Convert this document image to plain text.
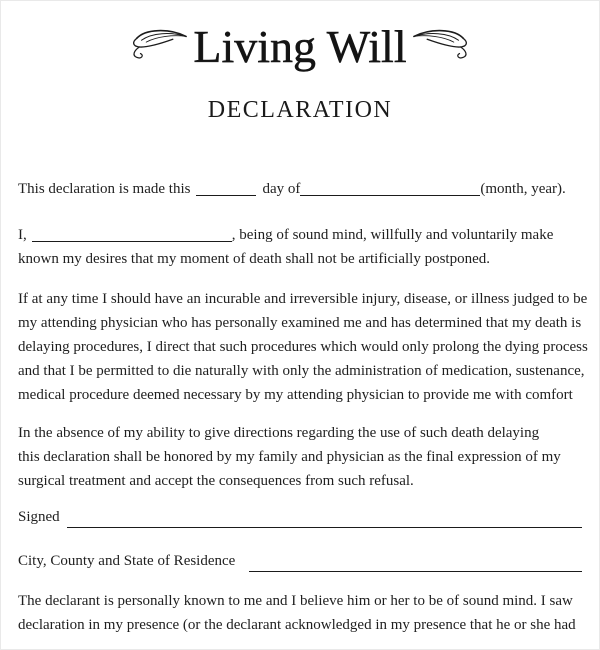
Living Will
DECLARATION
This declaration is made this	day of	(month, year).
I,	, being of sound mind, willfully and voluntarily make
known my desires that my moment of death shall not be artificially postponed.
If at any time I should have an incurable and irreversible injury, disease, or illness judged to be
my attending physician who has personally examined me and has determined that my death is
delaying procedures, I direct that such procedures which would only prolong the dying process
and that I be permitted to die naturally with only the administration of medication, sustenance,
medical procedure deemed necessary by my attending physician to provide me with comfort
In the absence of my ability to give directions regarding the use of such death delaying
this declaration shall be honored by my family and physician as the final expression of my
surgical treatment and accept the consequences from such refusal.
Signed
City, County and State of Residence
The declarant is personally known to me and I believe him or her to be of sound mind. I saw
declaration in my presence (or the declarant acknowledged in my presence that he or she had
